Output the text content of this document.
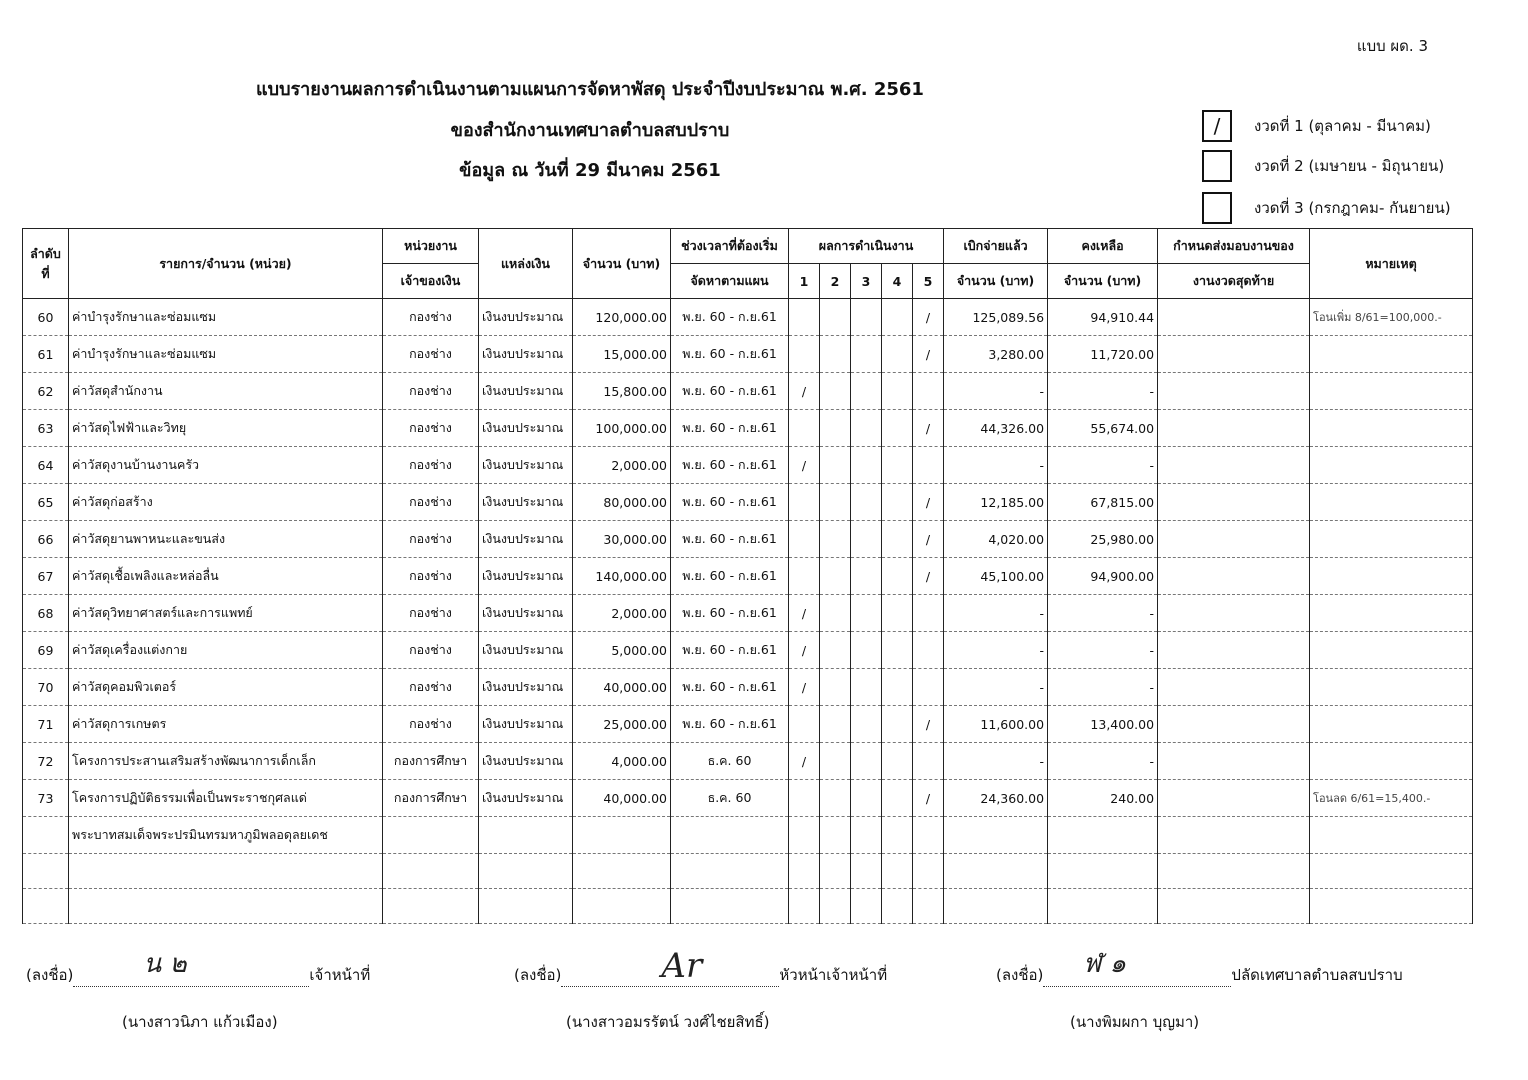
แบบ ผด. 3
แบบรายงานผลการดำเนินงานตามแผนการจัดหาพัสดุ ประจำปีงบประมาณ พ.ศ. 2561
ของสำนักงานเทศบาลตำบลสบปราบ
ข้อมูล ณ วันที่ 29 มีนาคม 2561
/	งวดที่ 1 (ตุลาคม - มีนาคม)
งวดที่ 2 (เมษายน - มิถุนายน)
งวดที่ 3 (กรกฎาคม- กันยายน)
ลำดับ
ที่	รายการ/จำนวน (หน่วย)	หน่วยงาน	แหล่งเงิน	จำนวน (บาท)	ช่วงเวลาที่ต้องเริ่ม	ผลการดำเนินงาน					เบิกจ่ายแล้ว	คงเหลือ	กำหนดส่งมอบงานของ	หมายเหตุ
		เจ้าของเงิน			จัดหาตามแผน	1	2	3	4	5	จำนวน (บาท)	จำนวน (บาท)	งานงวดสุดท้าย	
60	ค่าบำรุงรักษาและซ่อมแซม	กองช่าง	เงินงบประมาณ	120,000.00	พ.ย. 60 - ก.ย.61					/	125,089.56	94,910.44		โอนเพิ่ม 8/61=100,000.-
61	ค่าบำรุงรักษาและซ่อมแซม	กองช่าง	เงินงบประมาณ	15,000.00	พ.ย. 60 - ก.ย.61					/	3,280.00	11,720.00		
62	ค่าวัสดุสำนักงาน	กองช่าง	เงินงบประมาณ	15,800.00	พ.ย. 60 - ก.ย.61	/					-	-		
63	ค่าวัสดุไฟฟ้าและวิทยุ	กองช่าง	เงินงบประมาณ	100,000.00	พ.ย. 60 - ก.ย.61					/	44,326.00	55,674.00		
64	ค่าวัสดุงานบ้านงานครัว	กองช่าง	เงินงบประมาณ	2,000.00	พ.ย. 60 - ก.ย.61	/					-	-		
65	ค่าวัสดุก่อสร้าง	กองช่าง	เงินงบประมาณ	80,000.00	พ.ย. 60 - ก.ย.61					/	12,185.00	67,815.00		
66	ค่าวัสดุยานพาหนะและขนส่ง	กองช่าง	เงินงบประมาณ	30,000.00	พ.ย. 60 - ก.ย.61					/	4,020.00	25,980.00		
67	ค่าวัสดุเชื้อเพลิงและหล่อลื่น	กองช่าง	เงินงบประมาณ	140,000.00	พ.ย. 60 - ก.ย.61					/	45,100.00	94,900.00		
68	ค่าวัสดุวิทยาศาสตร์และการแพทย์	กองช่าง	เงินงบประมาณ	2,000.00	พ.ย. 60 - ก.ย.61	/					-	-		
69	ค่าวัสดุเครื่องแต่งกาย	กองช่าง	เงินงบประมาณ	5,000.00	พ.ย. 60 - ก.ย.61	/					-	-		
70	ค่าวัสดุคอมพิวเตอร์	กองช่าง	เงินงบประมาณ	40,000.00	พ.ย. 60 - ก.ย.61	/					-	-		
71	ค่าวัสดุการเกษตร	กองช่าง	เงินงบประมาณ	25,000.00	พ.ย. 60 - ก.ย.61					/	11,600.00	13,400.00		
72	โครงการประสานเสริมสร้างพัฒนาการเด็กเล็ก	กองการศึกษา	เงินงบประมาณ	4,000.00	ธ.ค. 60	/					-	-		
73	โครงการปฏิบัติธรรมเพื่อเป็นพระราชกุศลแด่	กองการศึกษา	เงินงบประมาณ	40,000.00	ธ.ค. 60					/	24,360.00	240.00		โอนลด 6/61=15,400.-
	พระบาทสมเด็จพระปรมินทรมหาภูมิพลอดุลยเดช													

(ลงชื่อ)	น ๒	เจ้าหน้าที่
(นางสาวนิภา แก้วเมือง)
(ลงชื่อ)	Ar	หัวหน้าเจ้าหน้าที่
(นางสาวอมรรัตน์ วงศ์ไชยสิทธิ์)
(ลงชื่อ) ฬ ๑	ปลัดเทศบาลตำบลสบปราบ
(นางพิมผกา บุญมา)
